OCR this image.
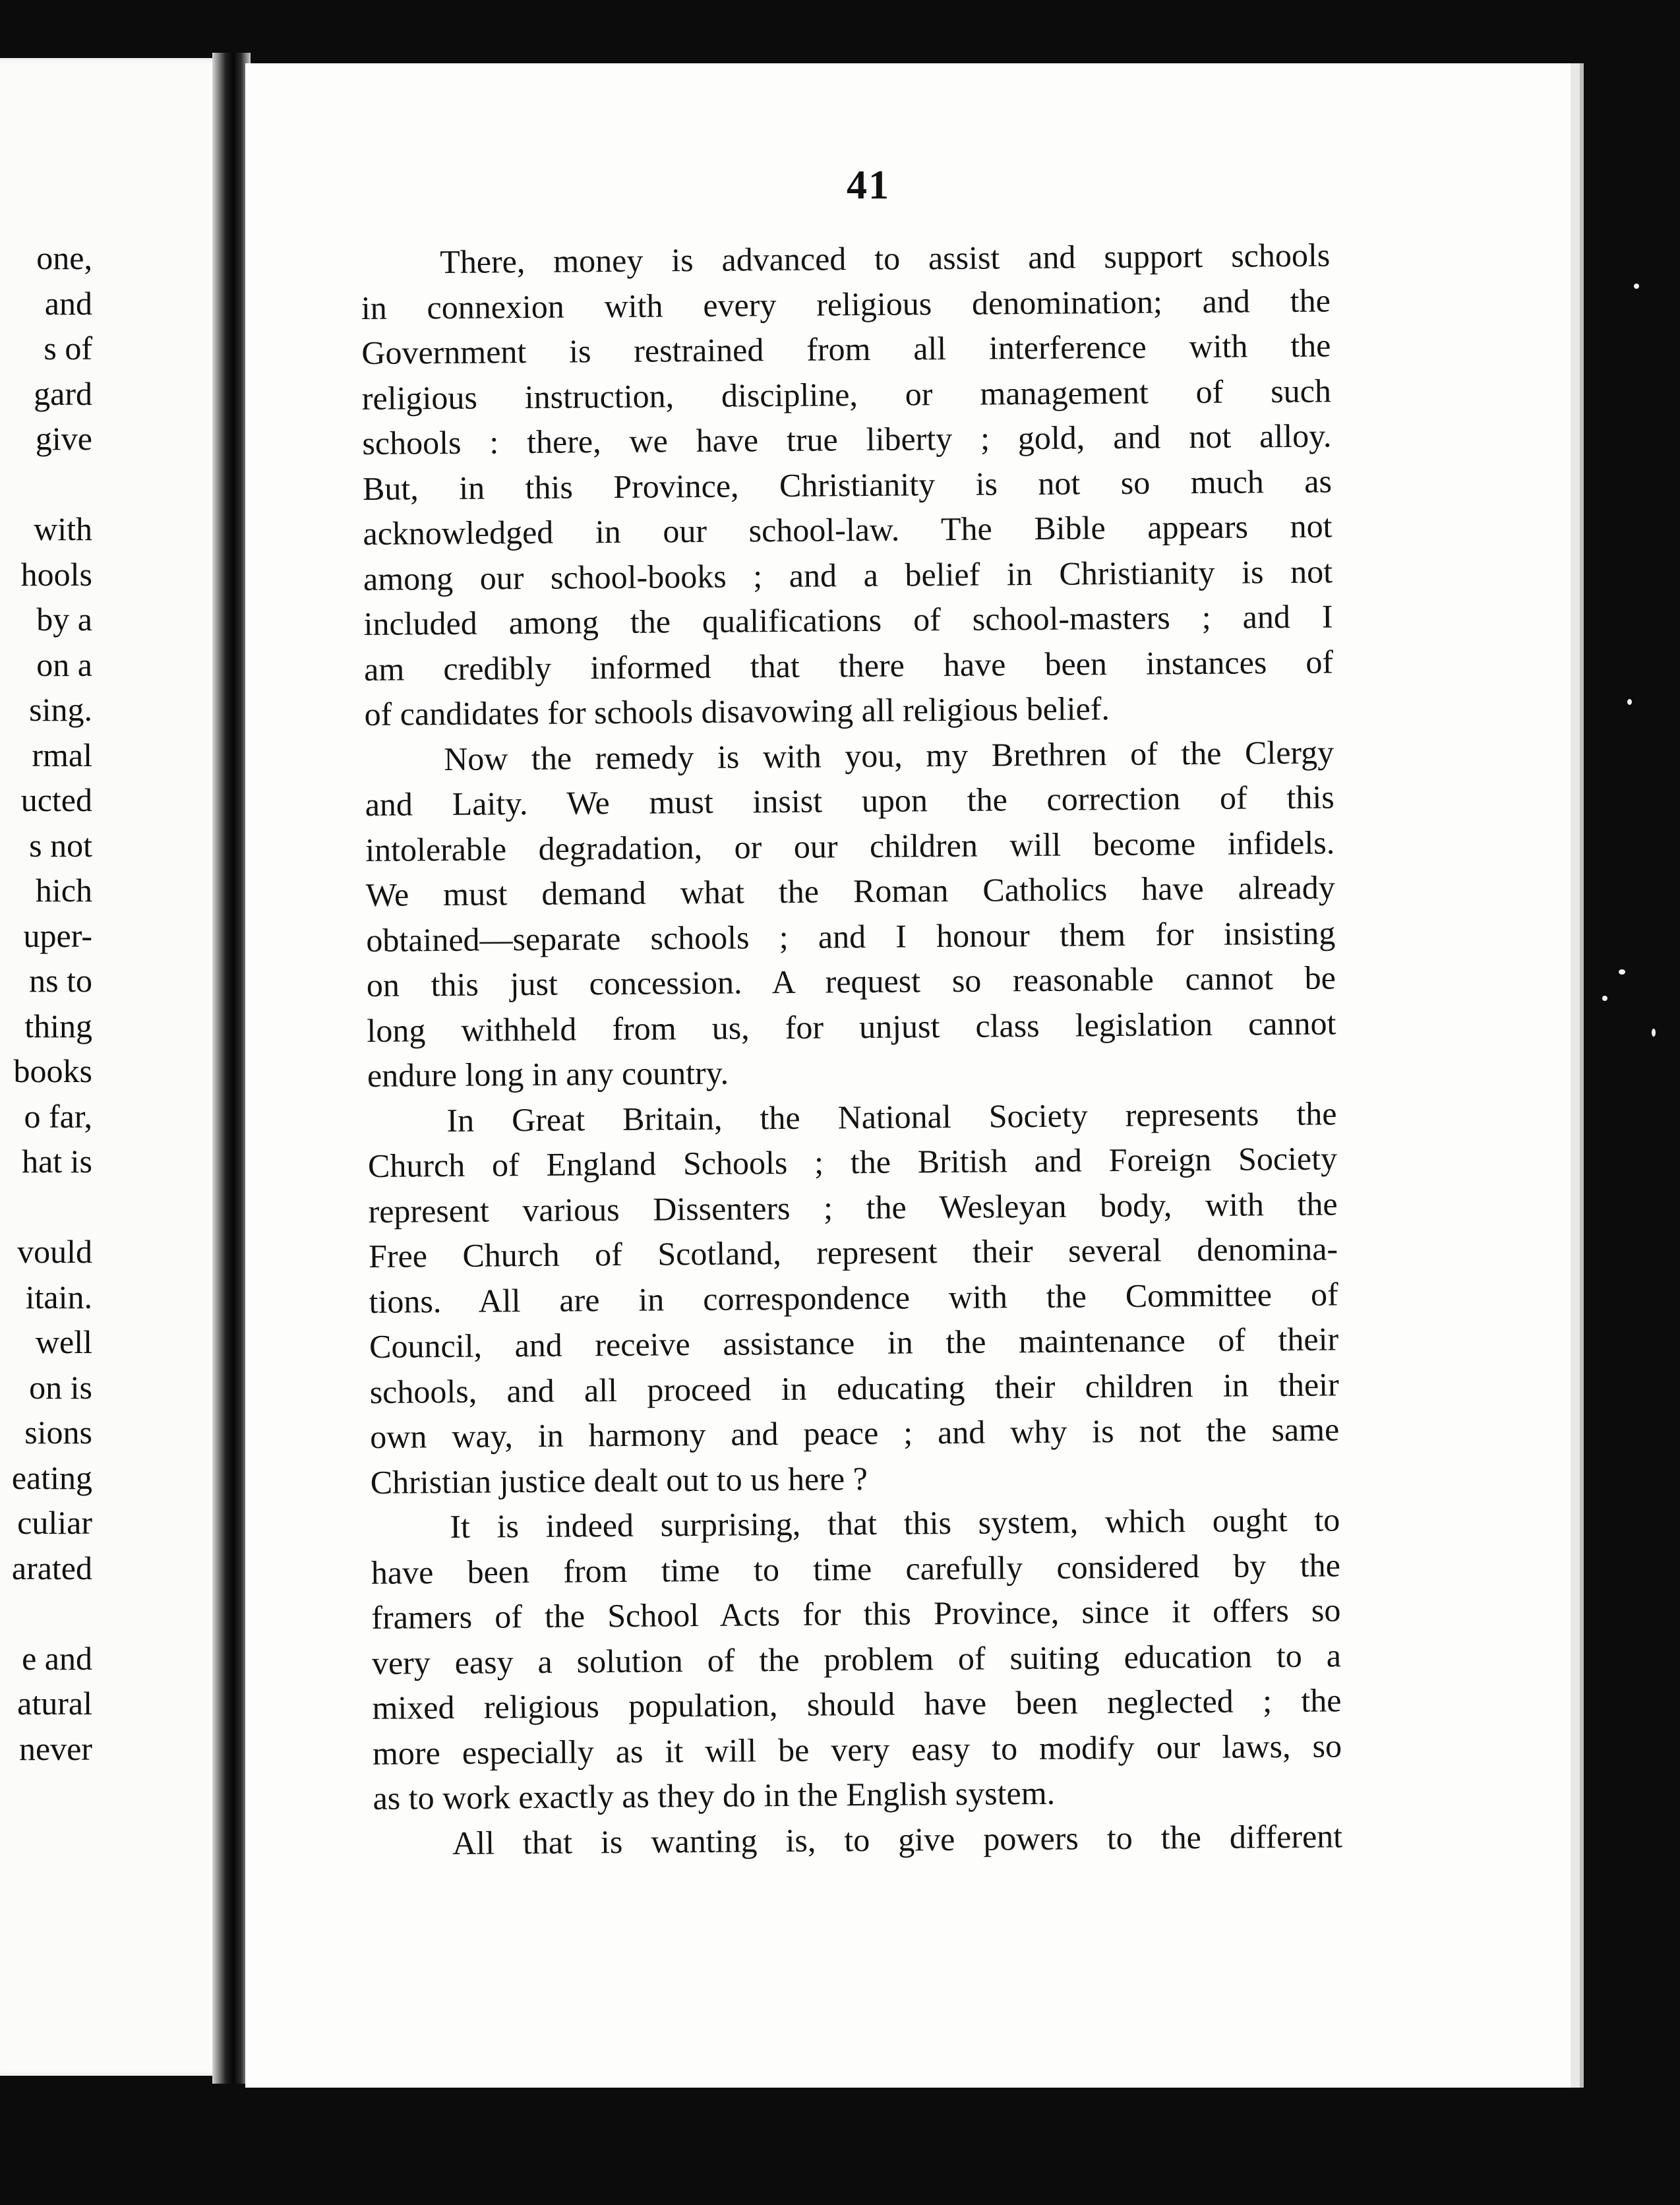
one,
and
s of
gard
give
with
hools
by a
on a
sing.
rmal
ucted
s not
hich
uper-
ns to
thing
books
o far,
hat is
vould
itain.
well
on is
sions
eating
culiar
arated
e and
atural
never
41
There, money is advanced to assist and support schools
in connexion with every religious denomination; and the
Government is restrained from all interference with the
religious instruction, discipline, or management of such
schools : there, we have true liberty ; gold, and not alloy.
But, in this Province, Christianity is not so much as
acknowledged in our school-law. The Bible appears not
among our school-books ; and a belief in Christianity is not
included among the qualifications of school-masters ; and I
am credibly informed that there have been instances of
of candidates for schools disavowing all religious belief.
Now the remedy is with you, my Brethren of the Clergy
and Laity. We must insist upon the correction of this
intolerable degradation, or our children will become infidels.
We must demand what the Roman Catholics have already
obtained—separate schools ; and I honour them for insisting
on this just concession. A request so reasonable cannot be
long withheld from us, for unjust class legislation cannot
endure long in any country.
In Great Britain, the National Society represents the
Church of England Schools ; the British and Foreign Society
represent various Dissenters ; the Wesleyan body, with the
Free Church of Scotland, represent their several denomina-
tions. All are in correspondence with the Committee of
Council, and receive assistance in the maintenance of their
schools, and all proceed in educating their children in their
own way, in harmony and peace ; and why is not the same
Christian justice dealt out to us here ?
It is indeed surprising, that this system, which ought to
have been from time to time carefully considered by the
framers of the School Acts for this Province, since it offers so
very easy a solution of the problem of suiting education to a
mixed religious population, should have been neglected ; the
more especially as it will be very easy to modify our laws, so
as to work exactly as they do in the English system.
All that is wanting is, to give powers to the different
